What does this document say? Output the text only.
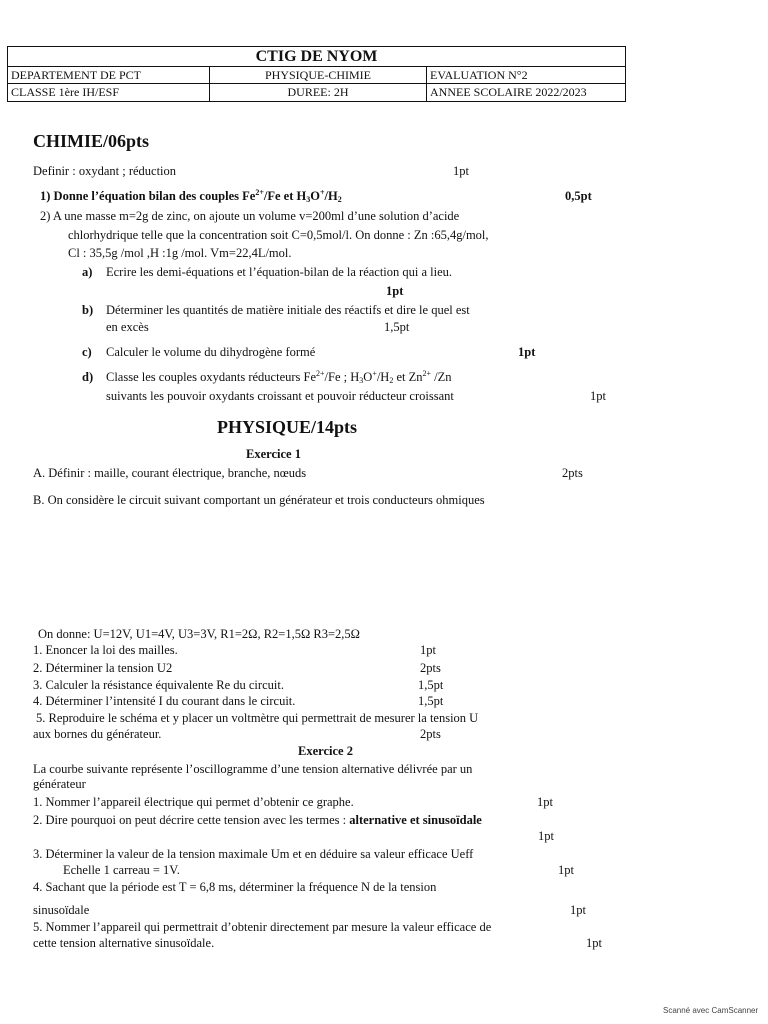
CTIG DE NYOM
DEPARTEMENT DE PCT	PHYSIQUE-CHIMIE	EVALUATION N°2
CLASSE 1ère IH/ESF	DUREE: 2H	ANNEE SCOLAIRE 2022/2023
CHIMIE/06pts
Definir : oxydant ; réduction	1pt
1) Donne l’équation bilan des couples $Fe^{2+}/Fe$ et $H_3O^+/H_2$	0,5pt
2) A une masse m=2g de zinc, on ajoute un volume v=200ml d’une solution d’acide
chlorhydrique telle que la concentration soit C=0,5mol/l. On donne : Zn :65,4g/mol,
Cl : 35,5g /mol ,H :1g /mol. Vm=22,4L/mol.
a) Ecrire les demi-équations et l’équation-bilan de la réaction qui a lieu.
1pt
b) Déterminer les quantités de matière initiale des réactifs et dire le quel est
en excès	1,5pt
c) Calculer le volume du dihydrogène formé	1pt
d) Classe les couples oxydants réducteurs $Fe^{2+}/Fe$ ; $H_3O^+/H_2$ et $Zn^{2+}$ /Zn
suivants les pouvoir oxydants croissant et pouvoir réducteur croissant	1pt
PHYSIQUE/14pts
Exercice 1
A. Définir : maille, courant électrique, branche, nœuds	2pts
B. On considère le circuit suivant comportant un générateur et trois conducteurs ohmiques
On donne: U=12V, U1=4V, U3=3V, R1=2Ω, R2=1,5Ω R3=2,5Ω
1. Enoncer la loi des mailles.	1pt
2. Déterminer la tension U2	2pts
3. Calculer la résistance équivalente Re du circuit.	1,5pt
4. Déterminer l’intensité I du courant dans le circuit.	1,5pt
5. Reproduire le schéma et y placer un voltmètre qui permettrait de mesurer la tension U
aux bornes du générateur.	2pts
Exercice 2
La courbe suivante représente l’oscillogramme d’une tension alternative délivrée par un
générateur
1. Nommer l’appareil électrique qui permet d’obtenir ce graphe.	1pt
2. Dire pourquoi on peut décrire cette tension avec les termes : alternative et sinusoïdale
1pt
3. Déterminer la valeur de la tension maximale Um et en déduire sa valeur efficace Ueff
Echelle 1 carreau = 1V.	1pt
4. Sachant que la période est T = 6,8 ms, déterminer la fréquence N de la tension
sinusoïdale	1pt
5. Nommer l’appareil qui permettrait d’obtenir directement par mesure la valeur efficace de
cette tension alternative sinusoïdale.	1pt
Scanné avec CamScanner
